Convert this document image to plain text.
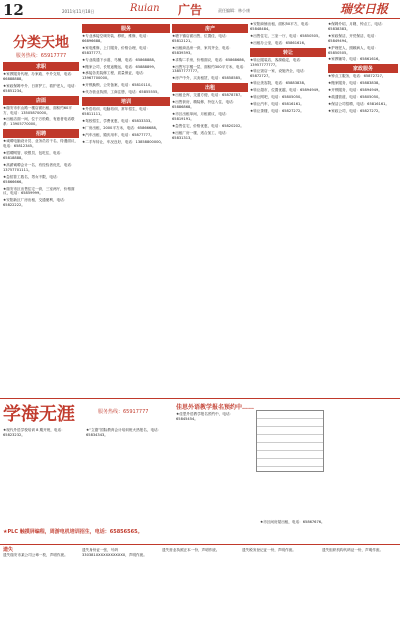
12	2011年11月18日	Ruian 广告	责任编辑：林小康	瑞安日报
分类天地
服务热线：65917777
求职
★家教服务代理、办家政、中介交易，电话：66888888。
★家政保姆中介、日常护工、看护老人，电话：65851234。
店面
★瑞安市东山路一楼店面出租，面积约60平方，电话：13505870000。
★出租店面一间，位于万松路，有意者电话联系：13905770000。
招聘
★诚聘电脑设计员、业务员若干名，待遇面议，电话：65812345。
★招聘网管、收银员，包吃住，电话：65818888。
★高薪诚聘会计一名，有经验者优先，电话：13757701111。
★急招普工数名，男女不限，电话：65866666。
★瑞安市区出售住宅一套，三室两厅，价格面议，电话：65859999。
★安阳新区厂房出租，交通便利，电话：65822222。
服务
★专业承接空调安装、移机、维修，电话：66896688。
★家电维修，上门服务，价格合理，电话：65837777。
★专业疏通下水道、马桶，电话：65868888。
★搬家公司，长短途搬运，电话：65888899。
★承接各类装修工程，质量保证，电话：13967700000。
★开锁换锁，公安备案，电话：65810110。
★代办营业执照、工商注册，电话：65855555。
培训
★外语培训、电脑培训，常年招生，电话：65811111。
★驾校招生，学费优惠，电话：65833333。
★厂房出租，2000平方米，电话：65866688。
★汽车出租，婚庆用车，电话：65877777。
★二手车转让，车况良好，电话：13858800000。
房产
★塘下镇店面出售，位置佳，电话：65812121。
★出租商品房一套，家具齐全，电话：65839393。
★求购二手房，价格面议，电话：65868686。
★出售写字楼一层，面积约300平方米，电话：13857777777。
★房产中介，买卖租赁，电话：65858585。
出租
★出租仓库，交通方便，电话：65878787。
★出售套房，精装修，拎包入住，电话：65886868。
★市区出租单间，月租面议，电话：65819191。
★急售住宅，价格优惠，电话：65820202。
★出租厂房一楼，适合加工，电话：65831313。
★安阳商铺出租，面积50平方，电话：65848484。
★出售住宅，三室一厅，电话：65850505。
★出租办公室，电话：65861616。
转让
★转让服装店，客源稳定，电话：13957777777。
★转让饭店一家，设施齐全，电话：65872727。
★转让美容院，电话：65883838。
★转让超市，位置优越，电话：65894949。
★转让网吧，电话：65805050。
★转让汽车，电话：65816161。
★转让茶楼，电话：65827272。
★保姆介绍，月嫂、钟点工，电话：65838383。
★家政保洁，开荒保洁，电话：65849494。
★护理老人，照顾病人，电话：65850505。
★家教辅导，电话：65861616。
家政服务
★钟点工服务，电话：65872727。
★搬家服务，电话：65883838。
★开锁服务，电话：65894949。
★疏通管道，电话：65805050。
★保洁公司招聘，电话：65816161。
★家政公司，电话：65827272。
学海无涯	服务热线：65917777
★现代外语学校培训 8 期开班，电话：65823232。
★“立德”国际教育会计培训班火热报名，电话：65834343。
佳思外语教学报名预约中……
★佳思外语教学报名预约中，电话：65845454。
★PLC 触摸屏编程，周游电机培训招生，电话：65856565。
★市区间房屋出租，电话：65867676。
遗失
遗失瑞安市某公司公章一枚，声明作废。
遗失身份证一张，号码330381XXXXXXXXXXXX，声明作废。
遗失营业执照正本一份，声明作废。	遗失税务登记证一份，声明作废。	遗失组织机构代码证一份，声明作废。
